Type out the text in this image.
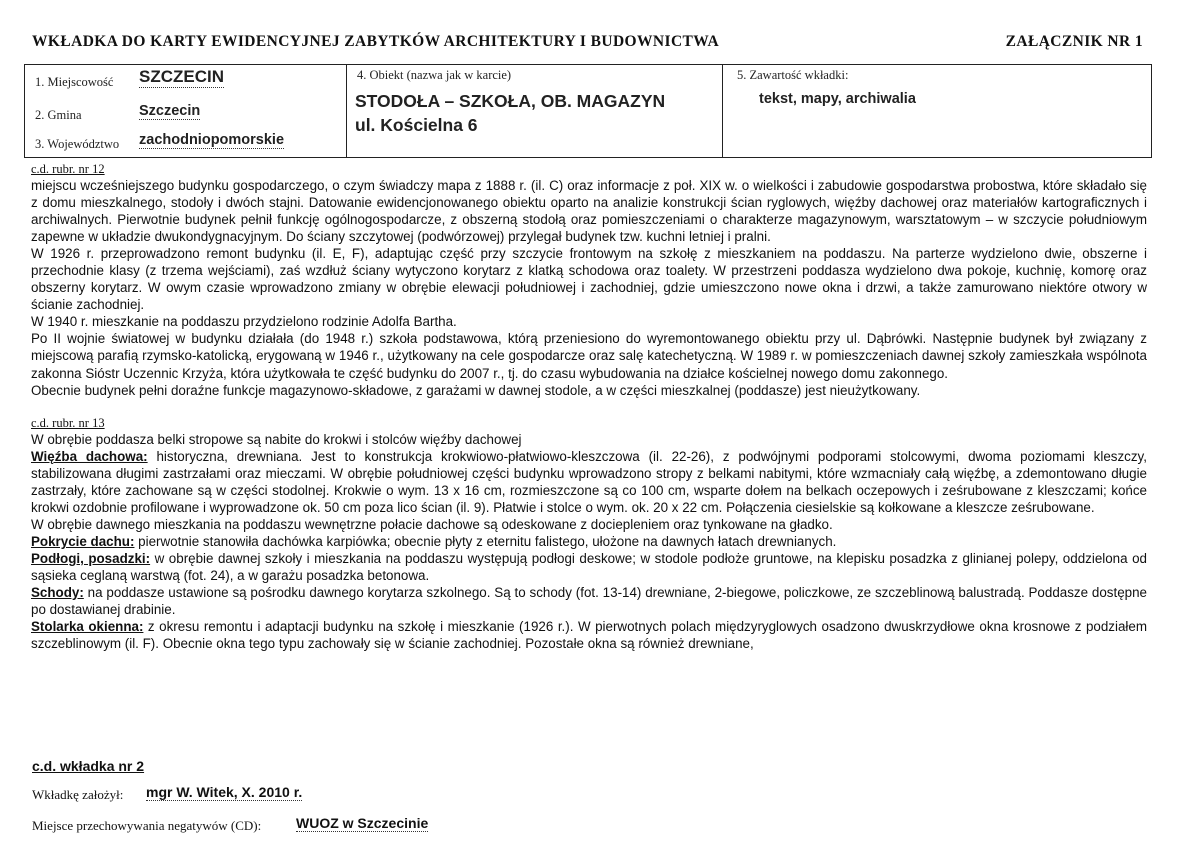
WKŁADKA DO KARTY EWIDENCYJNEJ ZABYTKÓW ARCHITEKTURY I BUDOWNICTWA	ZAŁĄCZNIK NR 1
1. Miejscowość SZCZECIN
2. Gmina	Szczecin
3. Województwo zachodniopomorskie
4. Obiekt (nazwa jak w karcie)
STODOŁA – SZKOŁA, OB. MAGAZYN
ul. Kościelna 6
5. Zawartość wkładki:
tekst, mapy, archiwalia
c.d. rubr. nr 12
miejscu wcześniejszego budynku gospodarczego, o czym świadczy mapa z 1888 r. (il. C) oraz informacje z poł. XIX w. o wielkości i zabudowie gospodarstwa probostwa, które składało się z domu mieszkalnego, stodoły i dwóch stajni. Datowanie ewidencjonowanego obiektu oparto na analizie konstrukcji ścian ryglowych, więźby dachowej oraz materiałów kartograficznych i archiwalnych. Pierwotnie budynek pełnił funkcję ogólnogospodarcze, z obszerną stodołą oraz pomieszczeniami o charakterze magazynowym, warsztatowym – w szczycie południowym zapewne w układzie dwukondygnacyjnym. Do ściany szczytowej (podwórzowej) przylegał budynek tzw. kuchni letniej i pralni.
W 1926 r. przeprowadzono remont budynku (il. E, F), adaptując część przy szczycie frontowym na szkołę z mieszkaniem na poddaszu. Na parterze wydzielono dwie, obszerne i przechodnie klasy (z trzema wejściami), zaś wzdłuż ściany wytyczono korytarz z klatką schodowa oraz toalety. W przestrzeni poddasza wydzielono dwa pokoje, kuchnię, komorę oraz obszerny korytarz. W owym czasie wprowadzono zmiany w obrębie elewacji południowej i zachodniej, gdzie umieszczono nowe okna i drzwi, a także zamurowano niektóre otwory w ścianie zachodniej.
W 1940 r. mieszkanie na poddaszu przydzielono rodzinie Adolfa Bartha.
Po II wojnie światowej w budynku działała (do 1948 r.) szkoła podstawowa, którą przeniesiono do wyremontowanego obiektu przy ul. Dąbrówki. Następnie budynek był związany z miejscową parafią rzymsko-katolicką, erygowaną w 1946 r., użytkowany na cele gospodarcze oraz salę katechetyczną. W 1989 r. w pomieszczeniach dawnej szkoły zamieszkała wspólnota zakonna Sióstr Uczennic Krzyża, która użytkowała te część budynku do 2007 r., tj. do czasu wybudowania na działce kościelnej nowego domu zakonnego.
Obecnie budynek pełni doraźne funkcje magazynowo-składowe, z garażami w dawnej stodole, a w części mieszkalnej (poddasze) jest nieużytkowany.
c.d. rubr. nr 13
W obrębie poddasza belki stropowe są nabite do krokwi i stolców więźby dachowej
Więźba dachowa: historyczna, drewniana. Jest to konstrukcja krokwiowo-płatwiowo-kleszczowa (il. 22-26), z podwójnymi podporami stolcowymi, dwoma poziomami kleszczy, stabilizowana długimi zastrzałami oraz mieczami. W obrębie południowej części budynku wprowadzono stropy z belkami nabitymi, które wzmacniały całą więźbę, a zdemontowano długie zastrzały, które zachowane są w części stodolnej. Krokwie o wym. 13 x 16 cm, rozmieszczone są co 100 cm, wsparte dołem na belkach oczepowych i ześrubowane z kleszczami; końce krokwi ozdobnie profilowane i wyprowadzone ok. 50 cm poza lico ścian (il. 9). Płatwie i stolce o wym. ok. 20 x 22 cm. Połączenia ciesielskie są kołkowane a kleszcze ześrubowane.
W obrębie dawnego mieszkania na poddaszu wewnętrzne połacie dachowe są odeskowane z dociepleniem oraz tynkowane na gładko.
Pokrycie dachu: pierwotnie stanowiła dachówka karpiówka; obecnie płyty z eternitu falistego, ułożone na dawnych łatach drewnianych.
Podłogi, posadzki: w obrębie dawnej szkoły i mieszkania na poddaszu występują podłogi deskowe; w stodole podłoże gruntowe, na klepisku posadzka z glinianej polepy, oddzielona od sąsieka ceglaną warstwą (fot. 24), a w garażu posadzka betonowa.
Schody: na poddasze ustawione są pośrodku dawnego korytarza szkolnego. Są to schody (fot. 13-14) drewniane, 2-biegowe, policzkowe, ze szczeblinową balustradą. Poddasze dostępne po dostawianej drabinie.
Stolarka okienna: z okresu remontu i adaptacji budynku na szkołę i mieszkanie (1926 r.). W pierwotnych polach międzyryglowych osadzono dwuskrzydłowe okna krosnowe z podziałem szczeblinowym (il. F). Obecnie okna tego typu zachowały się w ścianie zachodniej. Pozostałe okna są również drewniane,
c.d. wkładka nr 2
Wkładkę założył: mgr W. Witek, X. 2010 r.
Miejsce przechowywania negatywów (CD): WUOZ w Szczecinie
